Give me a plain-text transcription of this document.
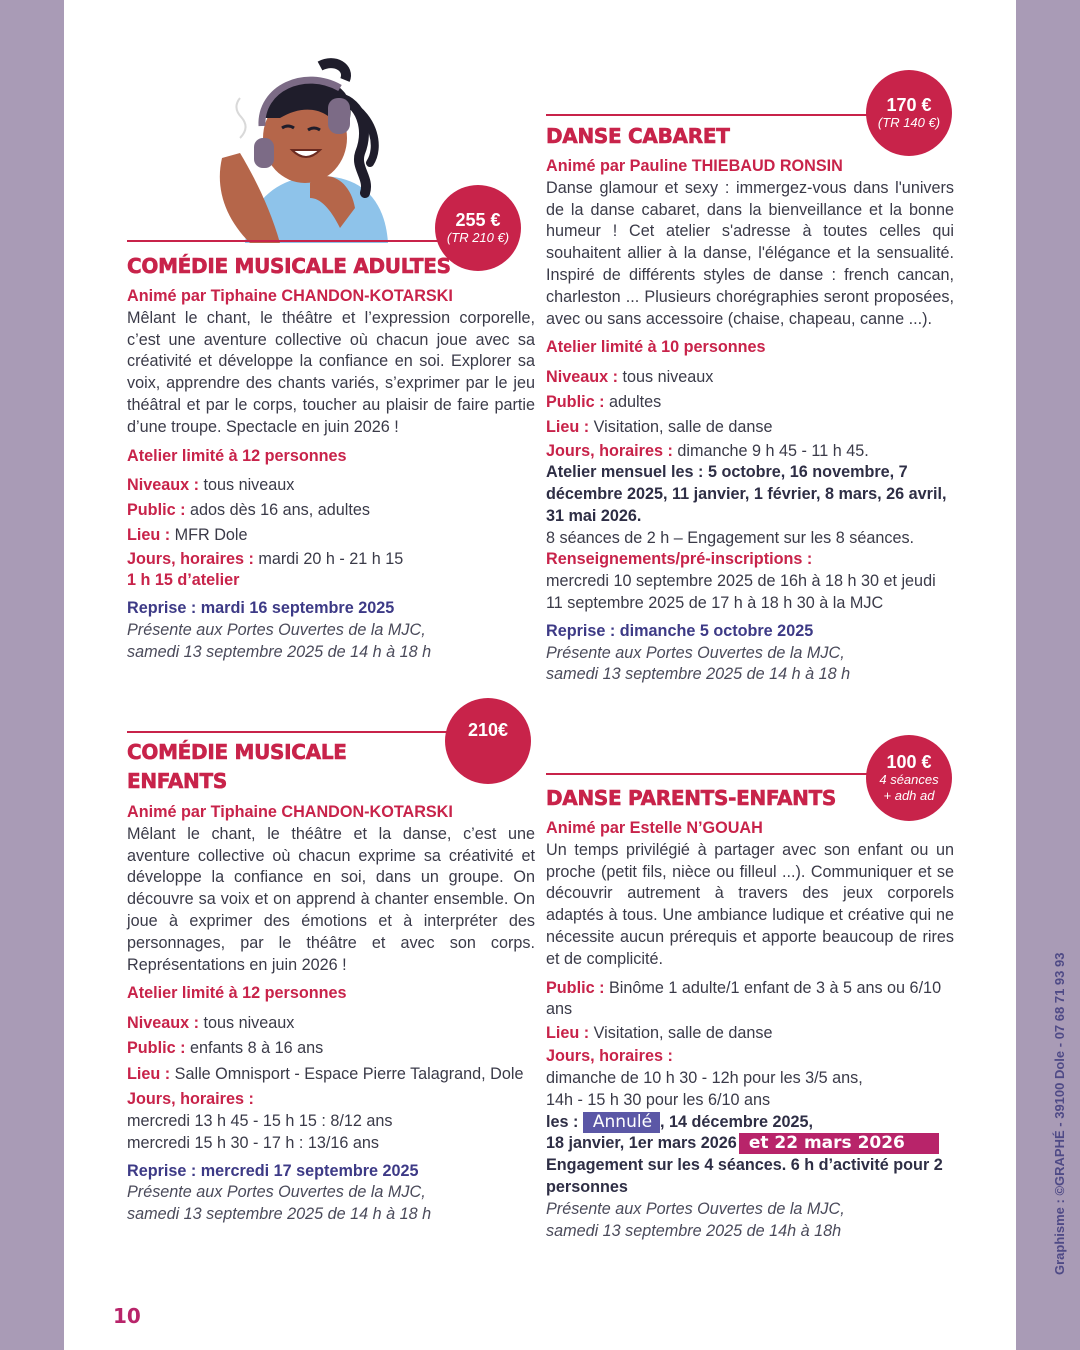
255 €
(TR 210 €)
COMÉDIE MUSICALE ADULTES
Animé par Tiphaine CHANDON-KOTARSKI
Mêlant le chant, le théâtre et l’expression corporelle, c’est une aventure collective où chacun joue avec sa créativité et développe la confiance en soi. Explorer sa voix, apprendre des chants variés, s’exprimer par le jeu théâtral et par le corps, toucher au plaisir de faire partie d’une troupe. Spectacle en juin 2026 !
Atelier limité à 12 personnes
Niveaux : tous niveaux
Public : ados dès 16 ans, adultes
Lieu : MFR Dole
Jours, horaires : mardi 20 h - 21 h 15
1 h 15 d’atelier
Reprise : mardi 16 septembre 2025
Présente aux Portes Ouvertes de la MJC,
samedi 13 septembre 2025 de 14 h à 18 h
210€
COMÉDIE MUSICALE
ENFANTS
Animé par Tiphaine CHANDON-KOTARSKI
Mêlant le chant, le théâtre et la danse, c’est une aventure collective où chacun exprime sa créativité et développe la confiance en soi, dans un groupe. On découvre sa voix et on apprend à chanter ensemble. On joue à exprimer des émotions et à interpréter des personnages, par le théâtre et avec son corps. Représentations en juin 2026 !
Atelier limité à 12 personnes
Niveaux : tous niveaux
Public : enfants 8 à 16 ans
Lieu : Salle Omnisport - Espace Pierre Talagrand, Dole
Jours, horaires :
mercredi 13 h 45 - 15 h 15 : 8/12 ans
mercredi 15 h 30 - 17 h : 13/16 ans
Reprise : mercredi 17 septembre 2025
Présente aux Portes Ouvertes de la MJC,
samedi 13 septembre 2025 de 14 h à 18 h
170 €
(TR 140 €)
DANSE CABARET
Animé par Pauline THIEBAUD RONSIN
Danse glamour et sexy : immergez-vous dans l'univers de la danse cabaret, dans la bienveillance et la bonne humeur ! Cet atelier s'adresse à toutes celles qui souhaitent allier à la danse, l'élégance et la sensualité. Inspiré de différents styles de danse : french cancan, charleston ... Plusieurs chorégraphies seront proposées, avec ou sans accessoire (chaise, chapeau, canne ...).
Atelier limité à 10 personnes
Niveaux : tous niveaux
Public : adultes
Lieu : Visitation, salle de danse
Jours, horaires : dimanche 9 h 45 - 11 h 45.
Atelier mensuel les : 5 octobre, 16 novembre, 7 décembre 2025, 11 janvier, 1 février, 8 mars, 26 avril, 31 mai 2026.
8 séances de 2 h – Engagement sur les 8 séances.
Renseignements/pré-inscriptions :
mercredi 10 septembre 2025 de 16h à 18 h 30 et jeudi 11 septembre 2025 de 17 h à 18 h 30 à la MJC
Reprise : dimanche 5 octobre 2025
Présente aux Portes Ouvertes de la MJC,
samedi 13 septembre 2025 de 14 h à 18 h
100 €
4 séances
+ adh ad
DANSE PARENTS-ENFANTS
Animé par Estelle N’GOUAH
Un temps privilégié à partager avec son enfant ou un proche (petit fils, nièce ou filleul ...). Communiquer et se découvrir autrement à travers des jeux corporels adaptés à tous. Une ambiance ludique et créative qui ne nécessite aucun prérequis et apporte beaucoup de rires et de complicité.
Public : Binôme 1 adulte/1 enfant de 3 à 5 ans ou 6/10 ans
Lieu : Visitation, salle de danse
Jours, horaires :
dimanche de 10 h 30 - 12h pour les 3/5 ans,
14h - 15 h 30 pour les 6/10 ans
les : Annulé , 14 décembre 2025,
18 janvier, 1er mars 2026 et 22 mars 2026
Engagement sur les 4 séances. 6 h d’activité pour 2 personnes
Présente aux Portes Ouvertes de la MJC,
samedi 13 septembre 2025 de 14h à 18h
10
Graphisme : ©GRAPHÉ - 39100 Dole - 07 68 71 93 93
